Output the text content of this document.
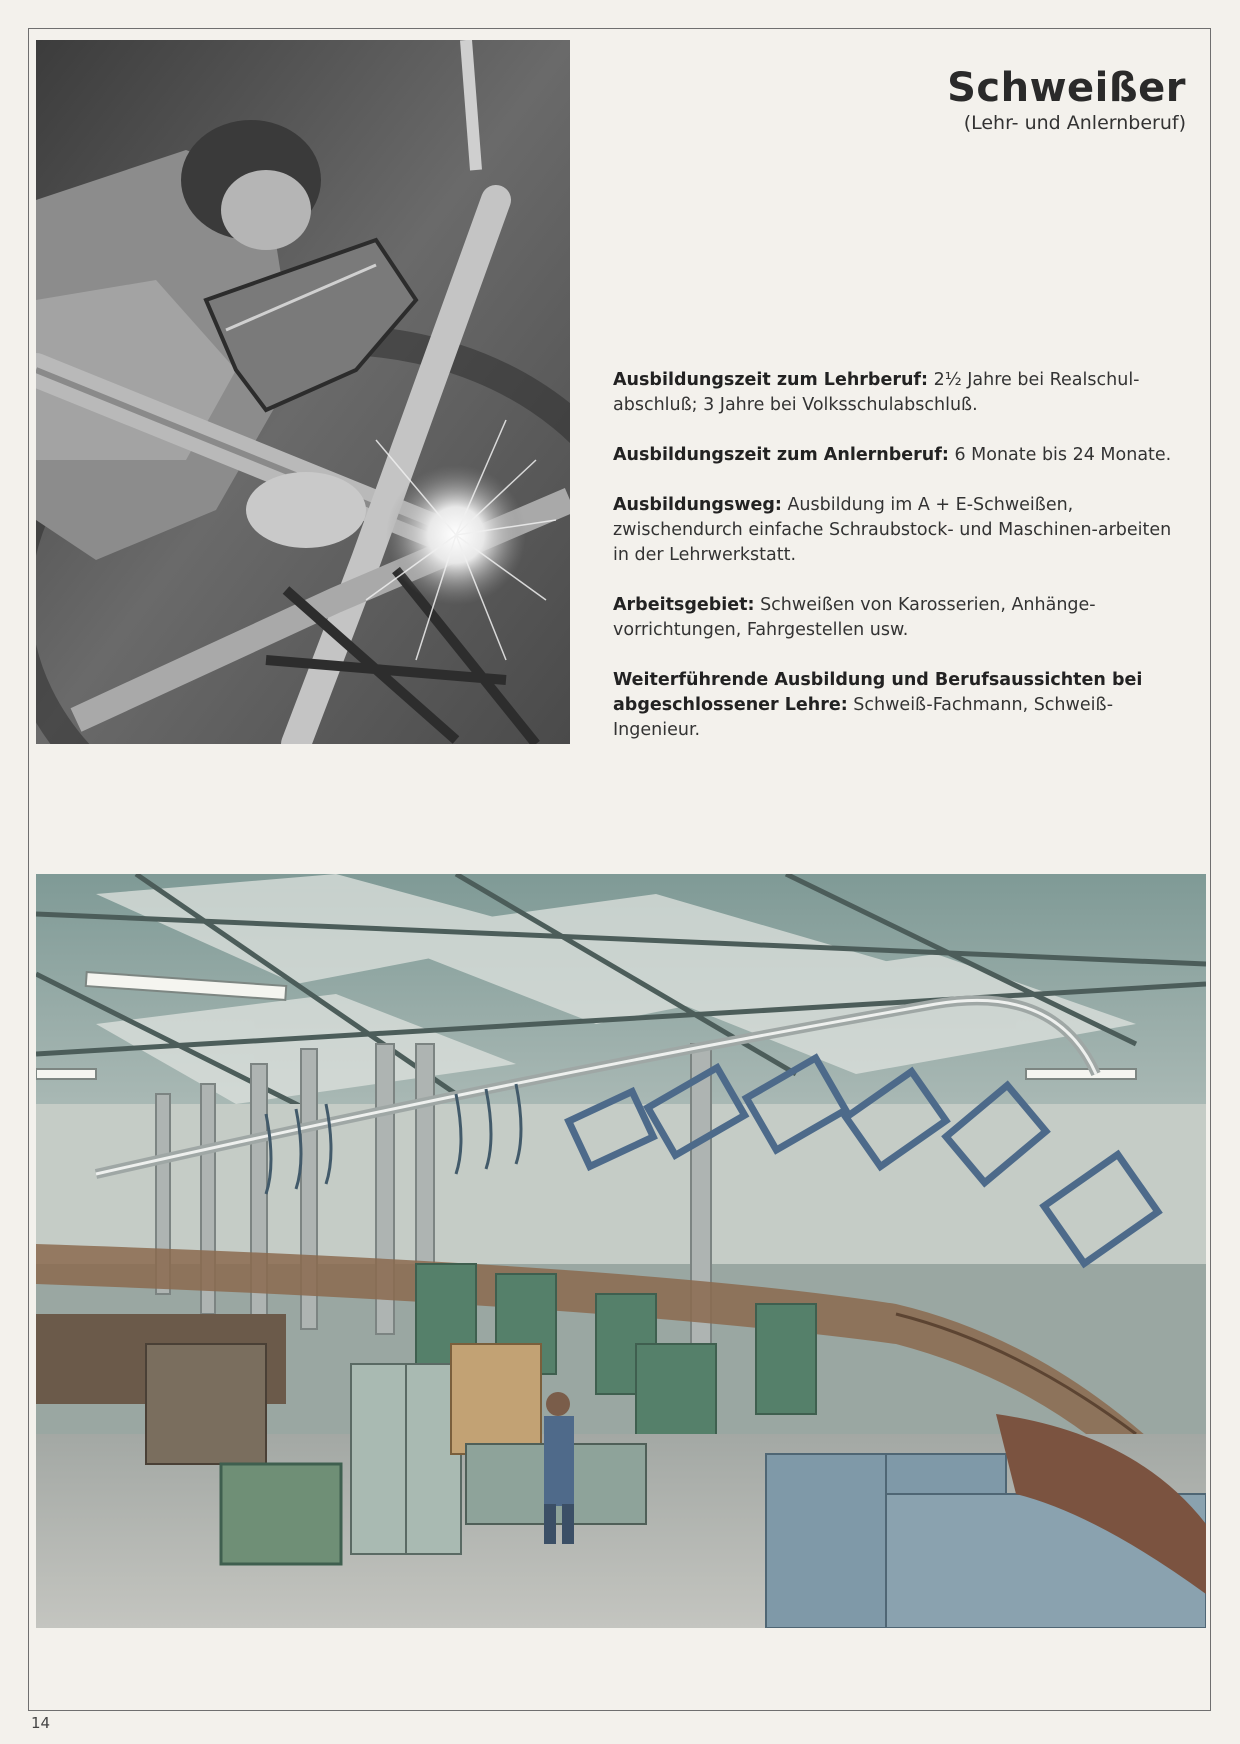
Schweißer
(Lehr- und Anlernberuf)

Ausbildungszeit zum Lehrberuf: 2½ Jahre bei Realschul-abschluß; 3 Jahre bei Volksschulabschluß.

Ausbildungszeit zum Anlernberuf: 6 Monate bis 24 Monate.

Ausbildungsweg: Ausbildung im A + E-Schweißen, zwischendurch einfache Schraubstock- und Maschinen-arbeiten in der Lehrwerkstatt.

Arbeitsgebiet: Schweißen von Karosserien, Anhänge-vorrichtungen, Fahrgestellen usw.

Weiterführende Ausbildung und Berufsaussichten bei abgeschlossener Lehre: Schweiß-Fachmann, Schweiß-Ingenieur.

14
